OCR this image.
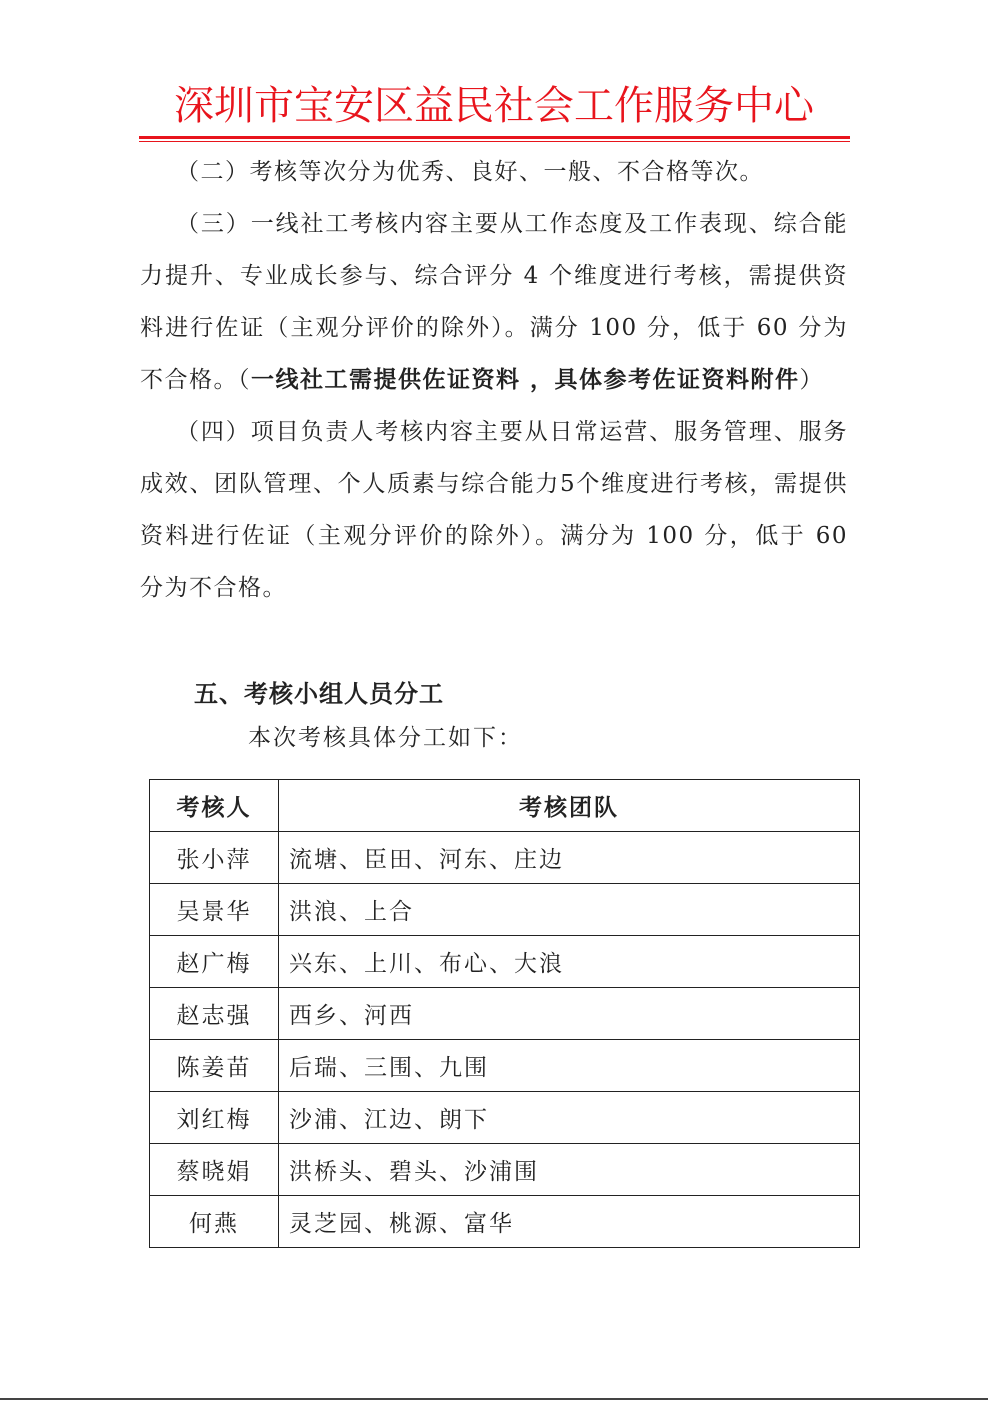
深圳市宝安区益民社会工作服务中心
（二）考核等次分为优秀、良好、一般、不合格等次。
（三）一线社工考核内容主要从工作态度及工作表现、综合能力提升、专业成长参与、综合评分 4 个维度进行考核，需提供资料进行佐证（主观分评价的除外）。满分 100 分，低于 60 分为不合格。（一线社工需提供佐证资料 ，具体参考佐证资料附件）
（四）项目负责人考核内容主要从日常运营、服务管理、服务成效、团队管理、个人质素与综合能力5个维度进行考核，需提供资料进行佐证（主观分评价的除外）。满分为 100 分，低于 60 分为不合格。
五、考核小组人员分工
本次考核具体分工如下：
考核人	考核团队
张小萍	流塘、臣田、河东、庄边
吴景华	洪浪、上合
赵广梅	兴东、上川、布心、大浪
赵志强	西乡、河西
陈姜苗	后瑞、三围、九围
刘红梅	沙浦、江边、朗下
蔡晓娟	洪桥头、碧头、沙浦围
何燕	灵芝园、桃源、富华
